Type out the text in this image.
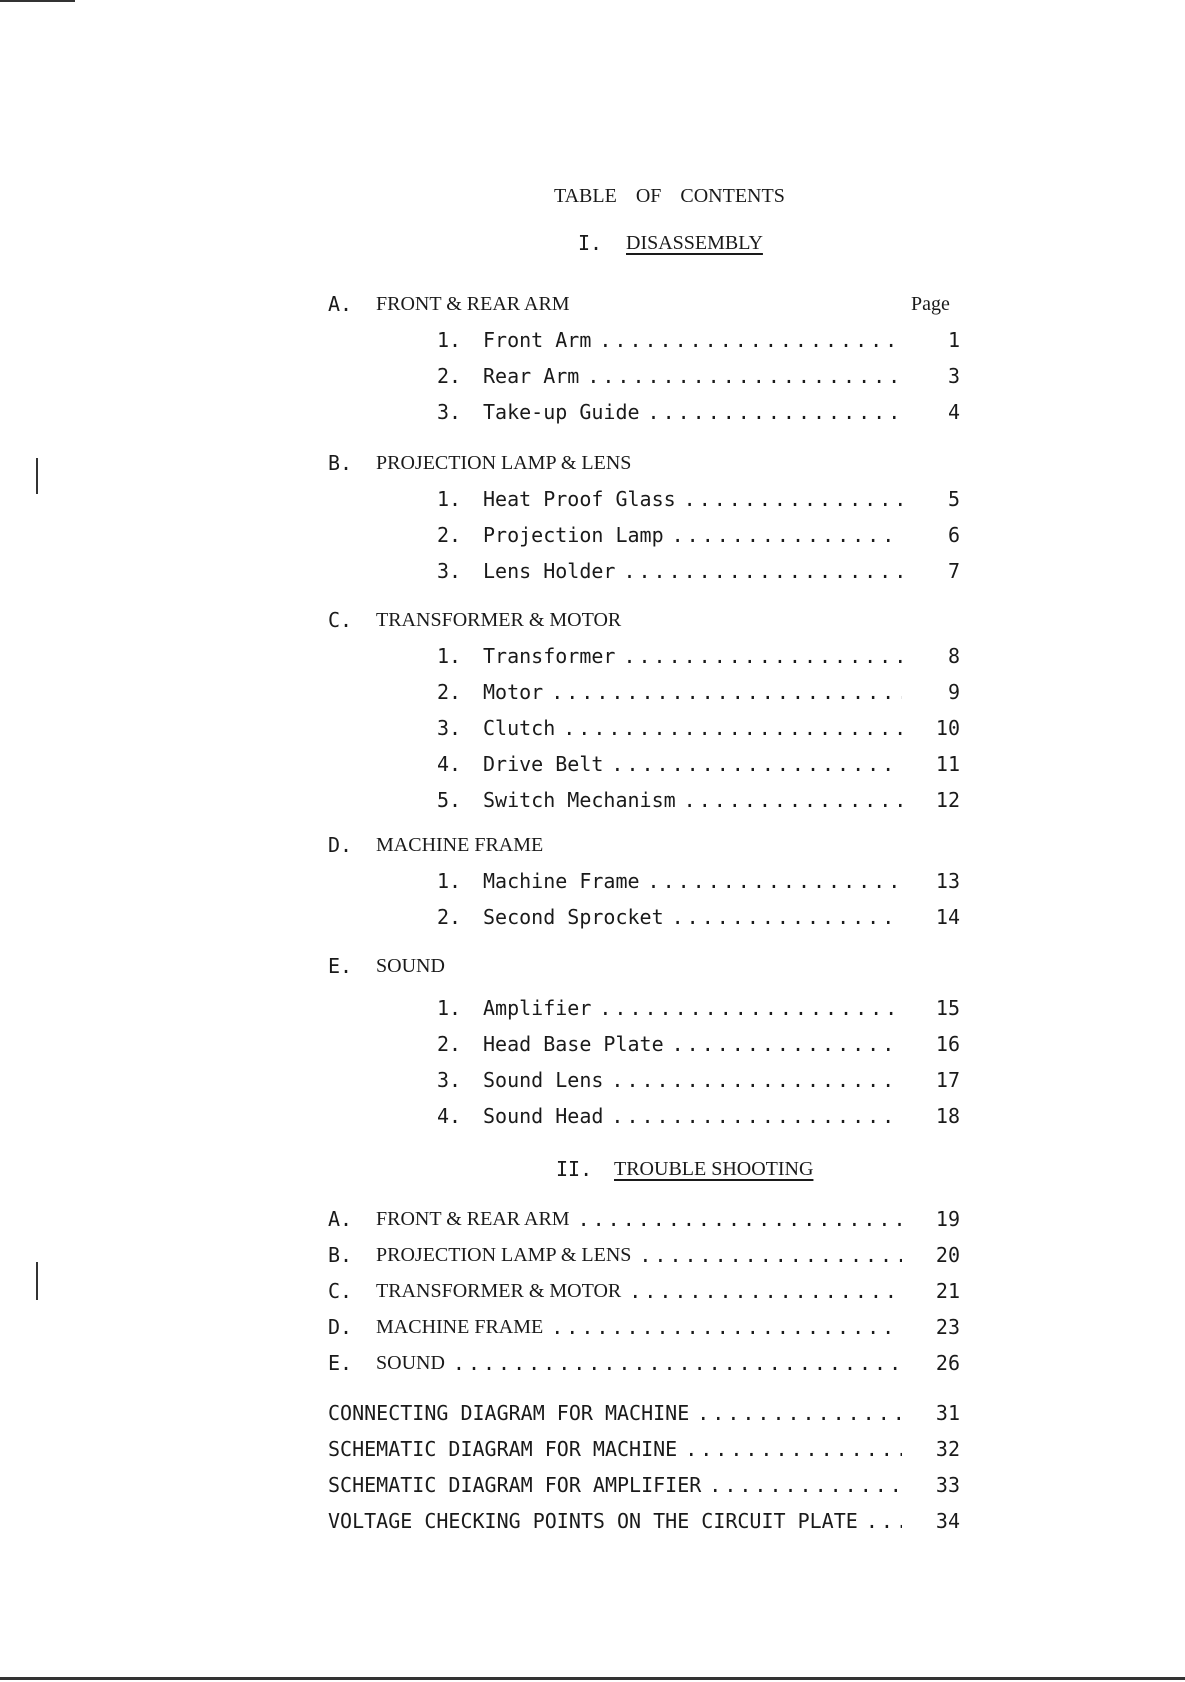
TABLE OF CONTENTS
I. DISASSEMBLY
Page
II. TROUBLE SHOOTING
A. FRONT & REAR ARM
1. Front Arm .....	1
2. Rear Arm .....	3
3. Take-up Guide .....	4
B. PROJECTION LAMP & LENS
1. Heat Proof Glass .....	5
2. Projection Lamp .....	6
3. Lens Holder .....	7
C. TRANSFORMER & MOTOR
1. Transformer .....	8
2. Motor .....	9
3. Clutch .....	10
4. Drive Belt .....	11
5. Switch Mechanism .....	12
D. MACHINE FRAME
1. Machine Frame .....	13
2. Second Sprocket .....	14
E. SOUND
1. Amplifier .....	15
2. Head Base Plate .....	16
3. Sound Lens .....	17
4. Sound Head .....	18
A. FRONT & REAR ARM .....	19
B. PROJECTION LAMP & LENS .....	20
C. TRANSFORMER & MOTOR .....	21
D. MACHINE FRAME .....	23
E. SOUND .....	26
CONNECTING DIAGRAM FOR MACHINE .....	31
SCHEMATIC DIAGRAM FOR MACHINE .....	32
SCHEMATIC DIAGRAM FOR AMPLIFIER .....	33
VOLTAGE CHECKING POINTS ON THE CIRCUIT PLATE .....	34
